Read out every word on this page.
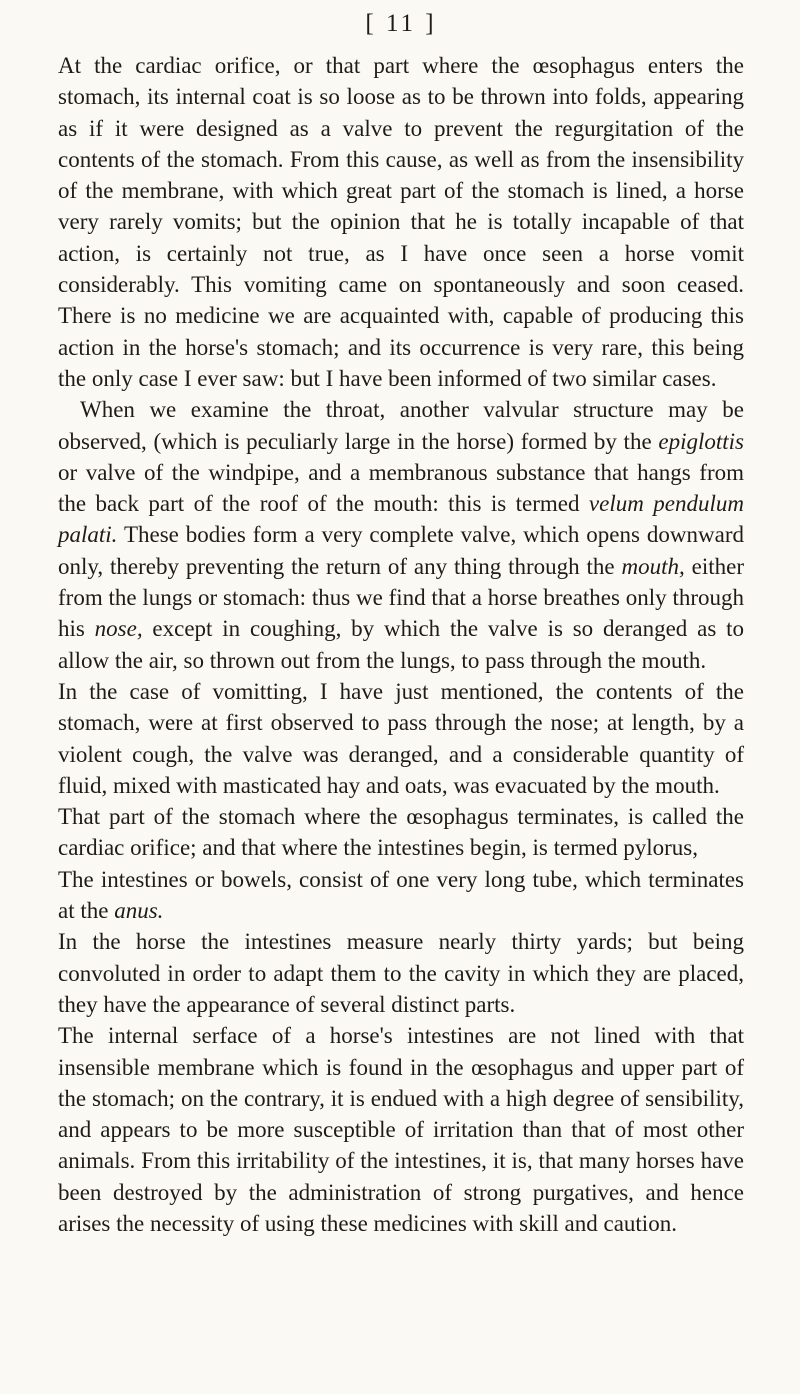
[ 11 ]

At the cardiac orifice, or that part where the œsophagus enters the stomach, its internal coat is so loose as to be thrown into folds, appearing as if it were designed as a valve to prevent the regurgitation of the contents of the stomach. From this cause, as well as from the insensibility of the membrane, with which great part of the stomach is lined, a horse very rarely vomits; but the opinion that he is totally incapable of that action, is certainly not true, as I have once seen a horse vomit considerably. This vomiting came on spontaneously and soon ceased. There is no medicine we are acquainted with, capable of producing this action in the horse's stomach; and its occurrence is very rare, this being the only case I ever saw: but I have been informed of two similar cases.

When we examine the throat, another valvular structure may be observed, (which is peculiarly large in the horse) formed by the epiglottis or valve of the windpipe, and a membranous substance that hangs from the back part of the roof of the mouth: this is termed velum pendulum palati. These bodies form a very complete valve, which opens downward only, thereby preventing the return of any thing through the mouth, either from the lungs or stomach: thus we find that a horse breathes only through his nose, except in coughing, by which the valve is so deranged as to allow the air, so thrown out from the lungs, to pass through the mouth.

In the case of vomitting, I have just mentioned, the contents of the stomach, were at first observed to pass through the nose; at length, by a violent cough, the valve was deranged, and a considerable quantity of fluid, mixed with masticated hay and oats, was evacuated by the mouth.

That part of the stomach where the œsophagus terminates, is called the cardiac orifice; and that where the intestines begin, is termed pylorus,

The intestines or bowels, consist of one very long tube, which terminates at the anus.

In the horse the intestines measure nearly thirty yards; but being convoluted in order to adapt them to the cavity in which they are placed, they have the appearance of several distinct parts.

The internal serface of a horse's intestines are not lined with that insensible membrane which is found in the œsophagus and upper part of the stomach; on the contrary, it is endued with a high degree of sensibility, and appears to be more susceptible of irritation than that of most other animals. From this irritability of the intestines, it is, that many horses have been destroyed by the administration of strong purgatives, and hence arises the necessity of using these medicines with skill and caution.
